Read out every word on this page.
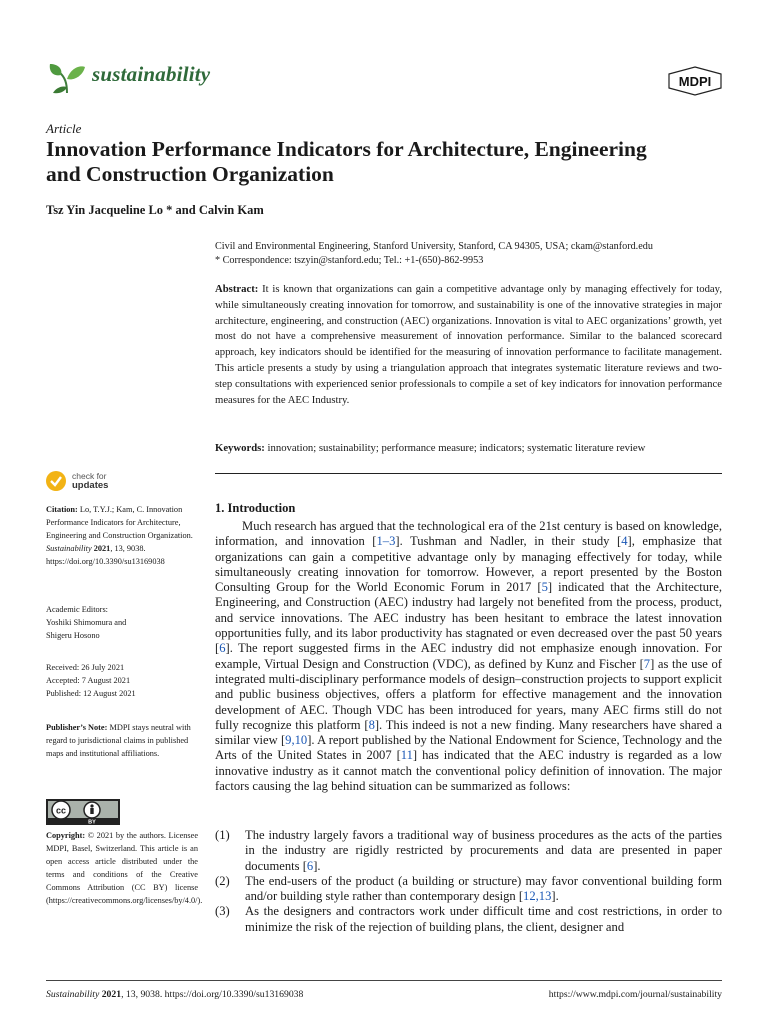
sustainability	MDPI
Article
Innovation Performance Indicators for Architecture, Engineering and Construction Organization
Tsz Yin Jacqueline Lo * and Calvin Kam
Civil and Environmental Engineering, Stanford University, Stanford, CA 94305, USA; ckam@stanford.edu
* Correspondence: tszyin@stanford.edu; Tel.: +1-(650)-862-9953
Abstract: It is known that organizations can gain a competitive advantage only by managing effectively for today, while simultaneously creating innovation for tomorrow, and sustainability is one of the innovative strategies in major architecture, engineering, and construction (AEC) organizations. Innovation is vital to AEC organizations’ growth, yet most do not have a comprehensive measurement of innovation performance. Similar to the balanced scorecard approach, key indicators should be identified for the measuring of innovation performance to facilitate management. This article presents a study by using a triangulation approach that integrates systematic literature reviews and two-step consultations with experienced senior professionals to compile a set of key indicators for innovation performance measures for the AEC Industry.
Keywords: innovation; sustainability; performance measure; indicators; systematic literature review
check for
updates
Citation: Lo, T.Y.J.; Kam, C. Innovation Performance Indicators for Architecture, Engineering and Construction Organization. Sustainability 2021, 13, 9038. https://doi.org/10.3390/su13169038
Academic Editors:
Yoshiki Shimomura and
Shigeru Hosono
Received: 26 July 2021
Accepted: 7 August 2021
Published: 12 August 2021
Publisher’s Note: MDPI stays neutral with regard to jurisdictional claims in published maps and institutional affiliations.
cc
BY
Copyright: © 2021 by the authors. Licensee MDPI, Basel, Switzerland. This article is an open access article distributed under the terms and conditions of the Creative Commons Attribution (CC BY) license (https://creativecommons.org/licenses/by/4.0/).
1. Introduction
Much research has argued that the technological era of the 21st century is based on knowledge, information, and innovation [1–3]. Tushman and Nadler, in their study [4], emphasize that organizations can gain a competitive advantage only by managing effectively for today, while simultaneously creating innovation for tomorrow. However, a report presented by the Boston Consulting Group for the World Economic Forum in 2017 [5] indicated that the Architecture, Engineering, and Construction (AEC) industry had largely not benefited from the process, product, and service innovations. The AEC industry has been hesitant to embrace the latest innovation opportunities fully, and its labor productivity has stagnated or even decreased over the past 50 years [6]. The report suggested firms in the AEC industry did not emphasize enough innovation. For example, Virtual Design and Construction (VDC), as defined by Kunz and Fischer [7] as the use of integrated multi-disciplinary performance models of design–construction projects to support explicit and public business objectives, offers a platform for effective management and the innovation development of AEC. Though VDC has been introduced for years, many AEC firms still do not fully recognize this platform [8]. This indeed is not a new finding. Many researchers have shared a similar view [9,10]. A report published by the National Endowment for Science, Technology and the Arts of the United States in 2007 [11] has indicated that the AEC industry is regarded as a low innovative industry as it cannot match the conventional policy definition of innovation. The major factors causing the lag behind situation can be summarized as follows:
(1) The industry largely favors a traditional way of business procedures as the acts of the parties in the industry are rigidly restricted by procurements and data are presented in paper documents [6].
(2) The end-users of the product (a building or structure) may favor conventional building form and/or building style rather than contemporary design [12,13].
(3) As the designers and contractors work under difficult time and cost restrictions, in order to minimize the risk of the rejection of building plans, the client, designer and
Sustainability 2021, 13, 9038. https://doi.org/10.3390/su13169038	https://www.mdpi.com/journal/sustainability
